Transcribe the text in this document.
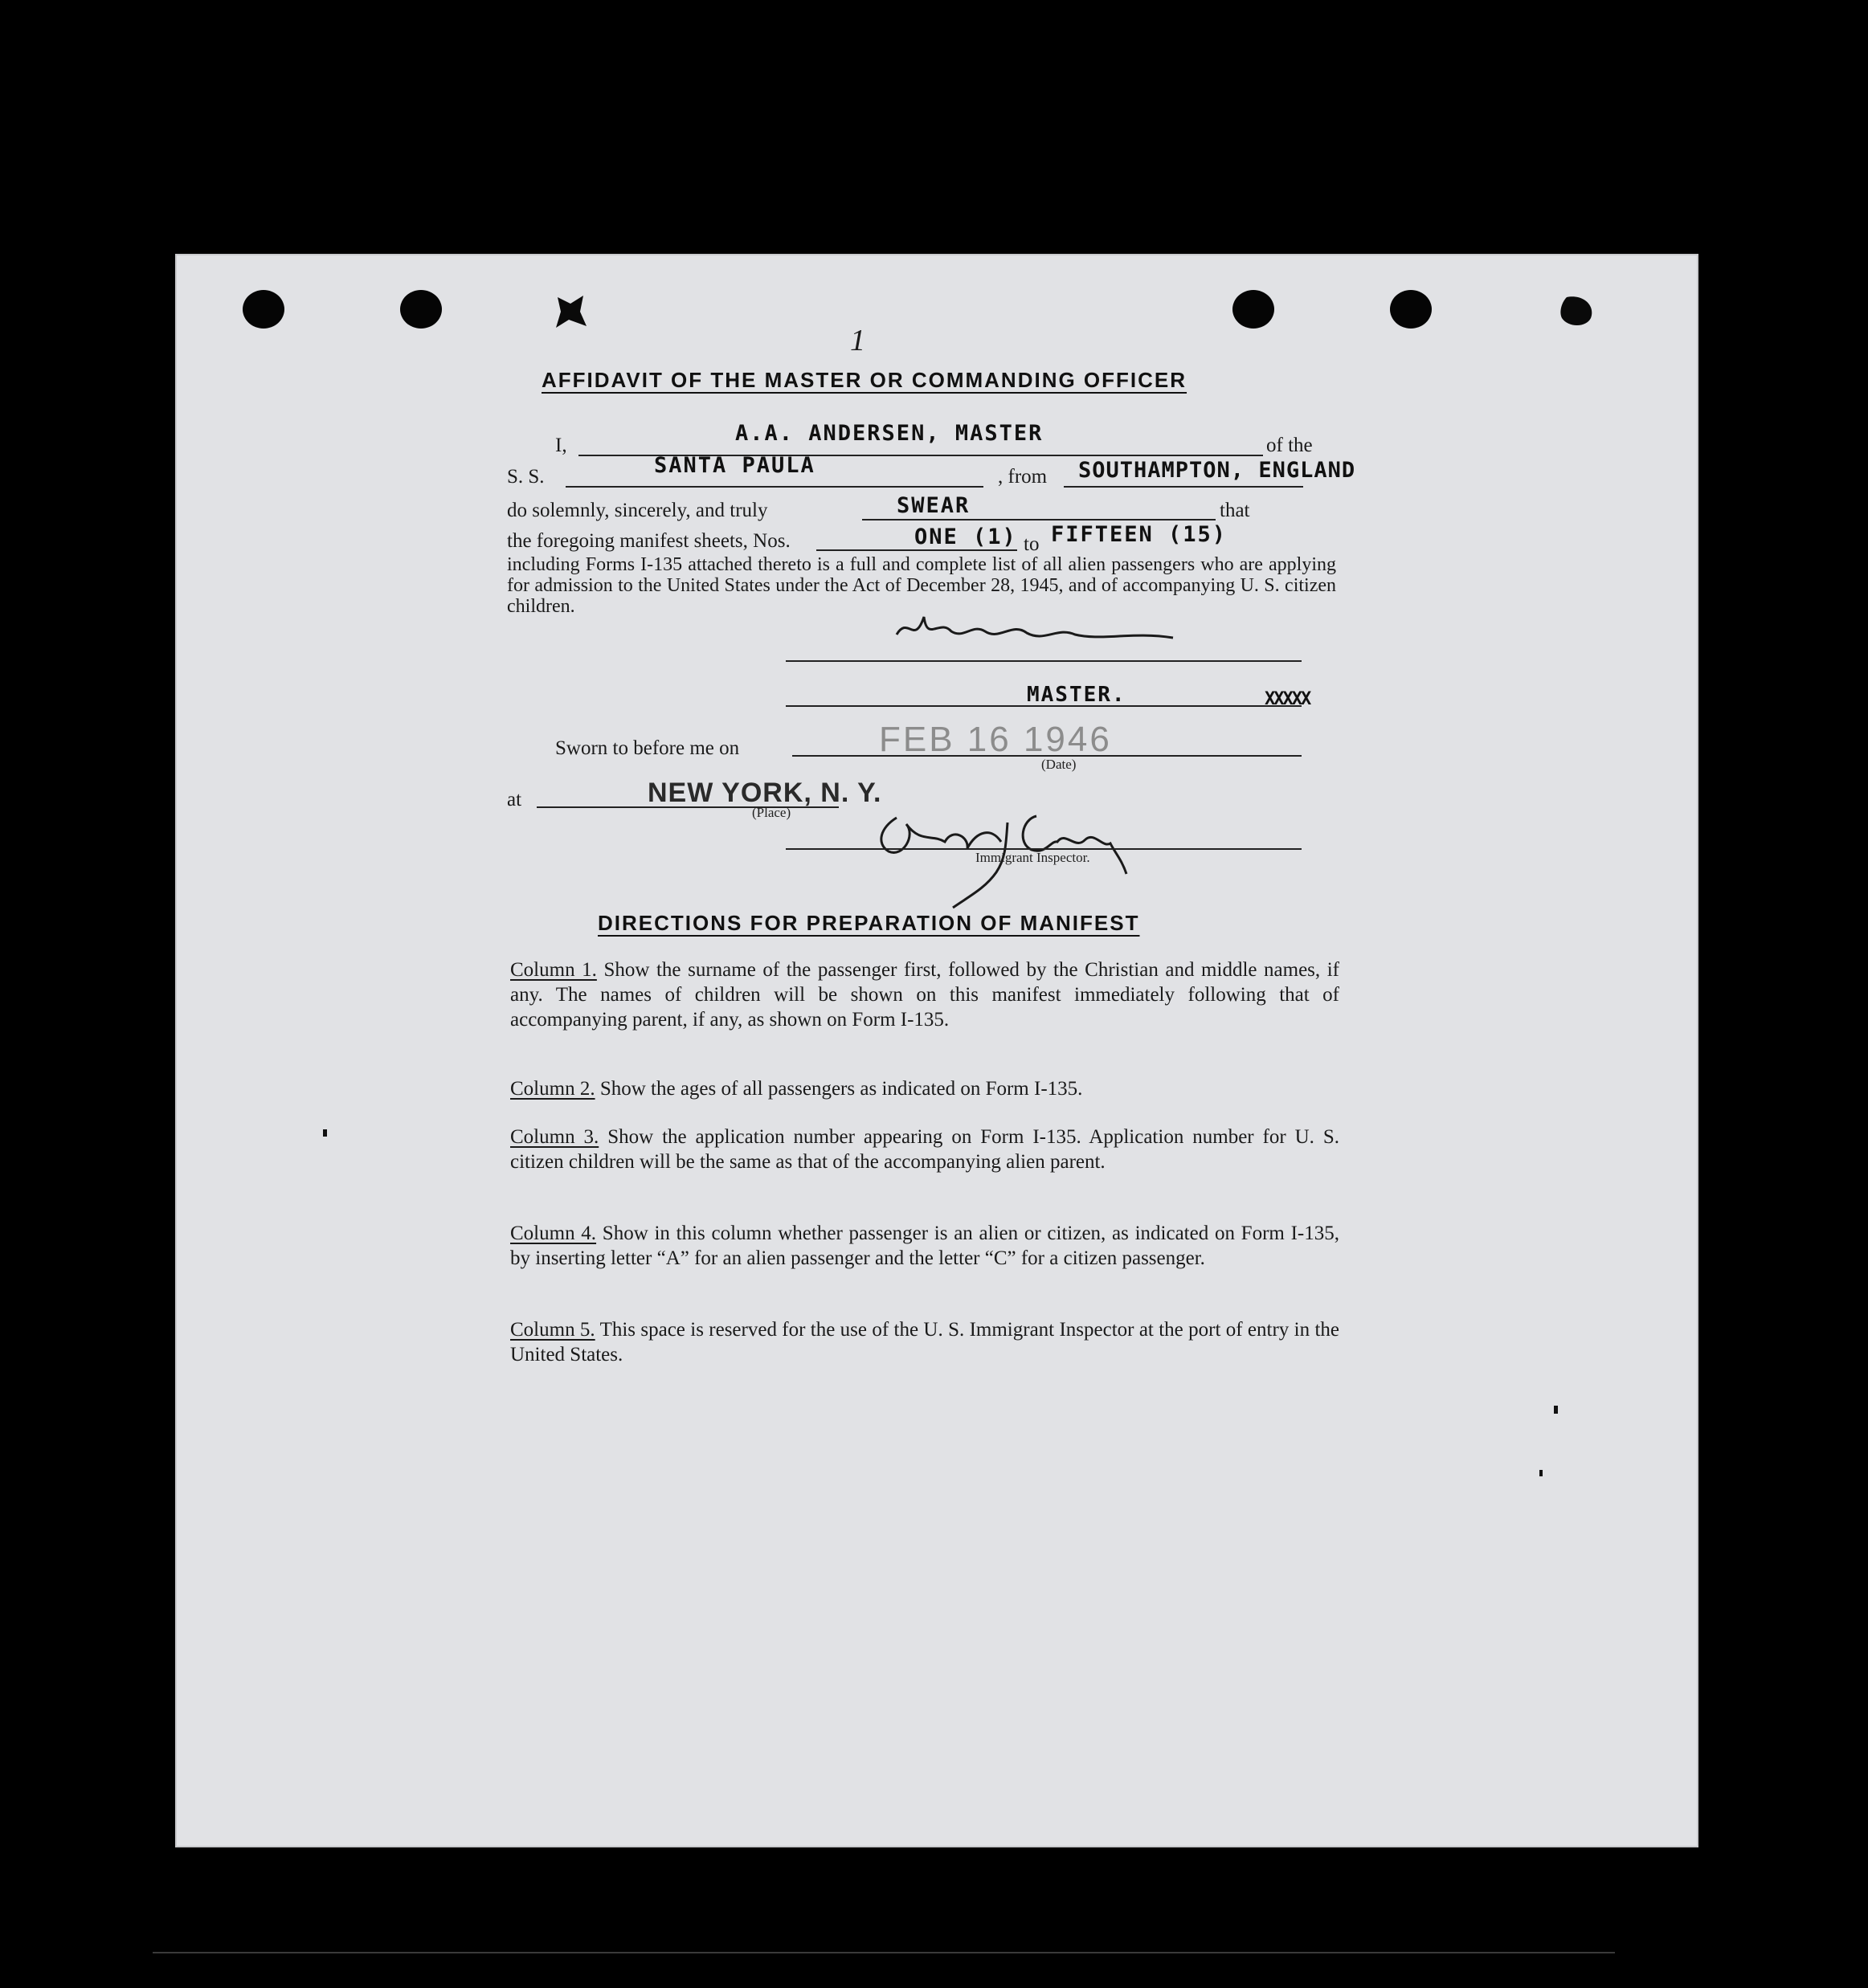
1
AFFIDAVIT OF THE MASTER OR COMMANDING OFFICER
I,	A.A. ANDERSEN, MASTER	of the
S. S.	SANTA PAULA	, from SOUTHAMPTON, ENGLAND
do solemnly, sincerely, and truly	SWEAR	that
the foregoing manifest sheets, Nos.	ONE (1) to FIFTEEN (15)
including Forms I-135 attached thereto is a full and complete list of all alien passengers who are applying for admission to the United States under the Act of December 28, 1945, and of accompanying U. S. citizen children.
MASTER.	XXXXX
Sworn to before me on	FEB 16 1946
(Date)
at	NEW YORK, N. Y.
(Place)
Immigrant Inspector.
DIRECTIONS FOR PREPARATION OF MANIFEST
Column 1. Show the surname of the passenger first, followed by the Christian and middle names, if any. The names of children will be shown on this manifest immediately following that of accompanying parent, if any, as shown on Form I-135.
Column 2. Show the ages of all passengers as indicated on Form I-135.
Column 3. Show the application number appearing on Form I-135. Application number for U. S. citizen children will be the same as that of the accompanying alien parent.
Column 4. Show in this column whether passenger is an alien or citizen, as indicated on Form I-135, by inserting letter “A” for an alien passenger and the letter “C” for a citizen passenger.
Column 5. This space is reserved for the use of the U. S. Immigrant Inspector at the port of entry in the United States.
